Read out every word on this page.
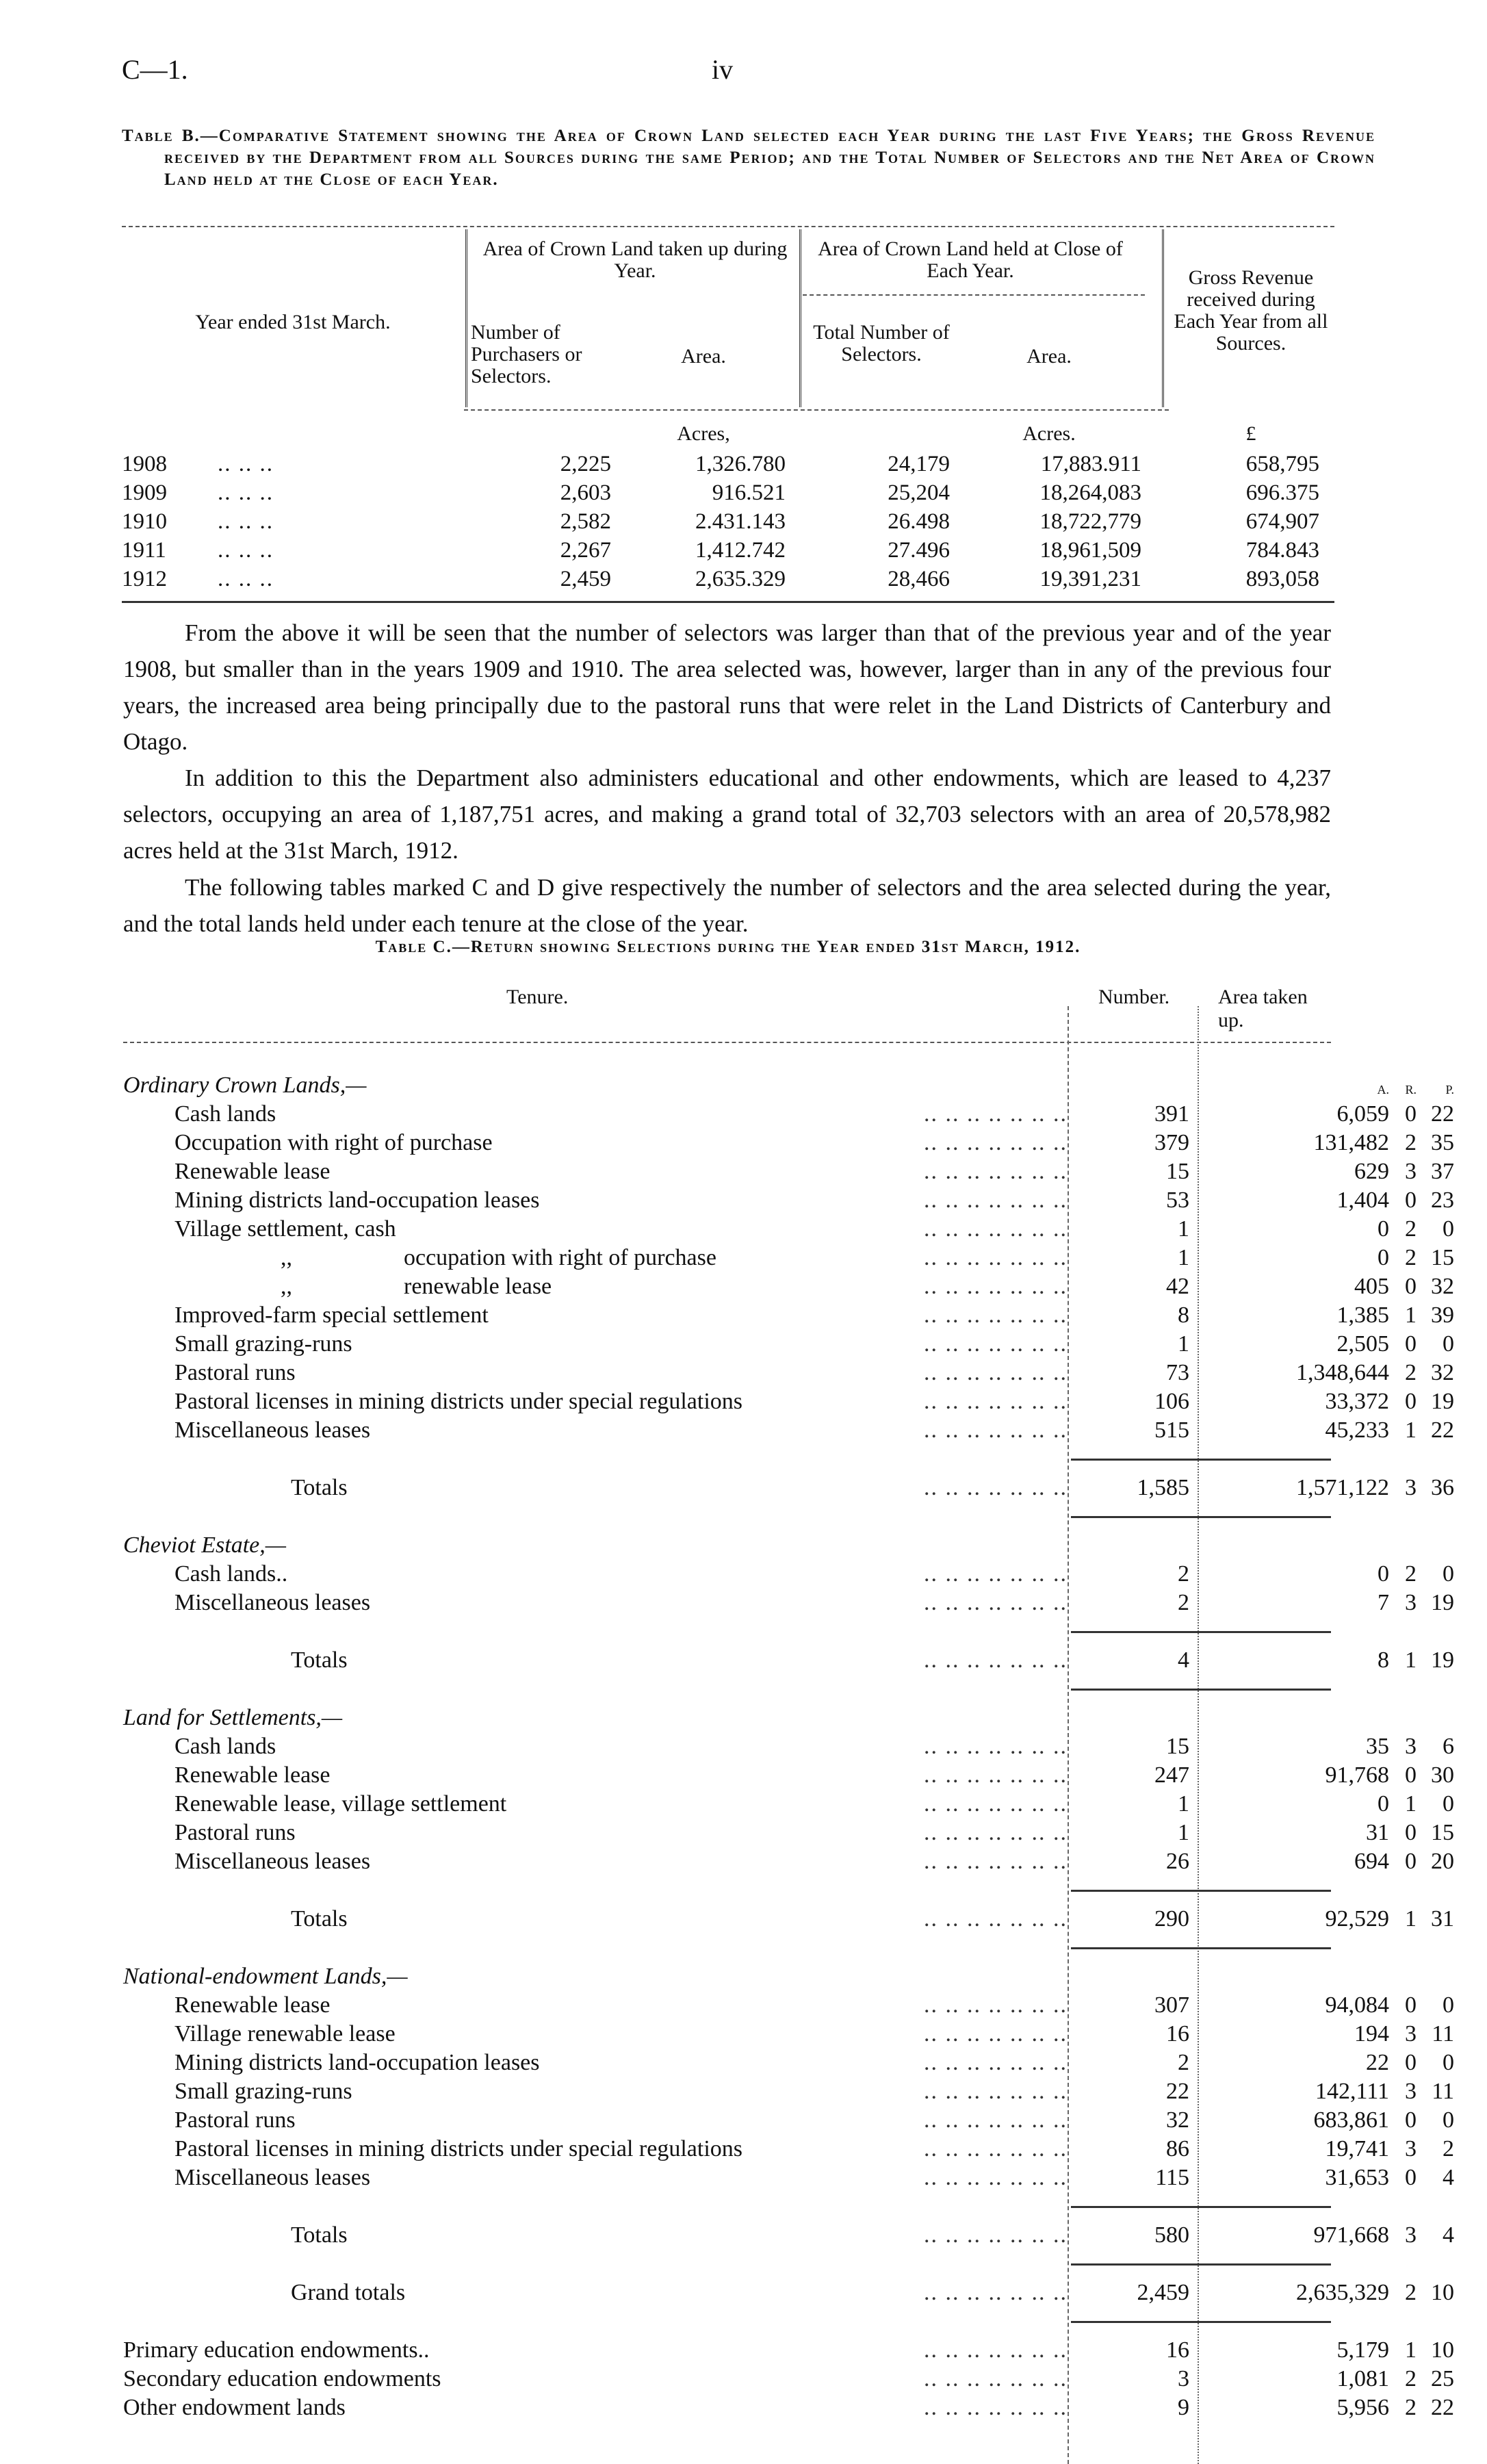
C—1.	iv
Table B.—Comparative Statement showing the Area of Crown Land selected each Year during the last Five Years; the Gross Revenue received by the Department from all Sources during the same Period; and the Total Number of Selectors and the Net Area of Crown Land held at the Close of each Year.
Year ended 31st March.
Area of Crown Land taken up during Year.
Number of Purchasers or Selectors.
Area.
Area of Crown Land held at Close of Each Year.
Total Number of Selectors.	Area.
Gross Revenue received during Each Year from all Sources.
Acres,	Acres.	£
1908 .. .. ..	2,225	1,326.780	24,179	17,883.911	658,795
1909 .. .. ..	2,603	916.521	25,204	18,264,083	696.375
1910 .. .. ..	2,582	2.431.143	26.498	18,722,779	674,907
1911 .. .. ..	2,267	1,412.742	27.496	18,961,509	784.843
1912 .. .. ..	2,459	2,635.329	28,466	19,391,231	893,058
From the above it will be seen that the number of selectors was larger than that of the previous year and of the year 1908, but smaller than in the years 1909 and 1910. The area selected was, however, larger than in any of the previous four years, the increased area being principally due to the pastoral runs that were relet in the Land Districts of Canterbury and Otago.
In addition to this the Department also administers educational and other endowments, which are leased to 4,237 selectors, occupying an area of 1,187,751 acres, and making a grand total of 32,703 selectors with an area of 20,578,982 acres held at the 31st March, 1912.
The following tables marked C and D give respectively the number of selectors and the area selected during the year, and the total lands held under each tenure at the close of the year.
Table C.—Return showing Selections during the Year ended 31st March, 1912.
Tenure.	Number. Area taken up.
Ordinary Crown Lands,—	A.	R.	P.
.. .. .. .. .. .. ..
Cash lands	391	6,059 0 22
.. .. .. .. .. .. ..
Occupation with right of purchase	379	131,482 2 35
.. .. .. .. .. .. ..
Renewable lease	15	629 3 37
.. .. .. .. .. .. ..
Mining districts land-occupation leases	53	1,404 0 23
.. .. .. .. .. .. ..
Village settlement, cash	1	0 2	0
.. .. .. .. .. .. ..
,,	occupation with right of purchase	1	0 2 15
.. .. .. .. .. .. ..
,,	renewable lease	42	405 0 32
.. .. .. .. .. .. ..
Improved-farm special settlement	8	1,385 1 39
.. .. .. .. .. .. ..
Small grazing-runs	1	2,505 0	0
.. .. .. .. .. .. ..
Pastoral runs	73	1,348,644 2 32
.. .. .. .. .. .. ..
Pastoral licenses in mining districts under special regulations	106	33,372 0 19
.. .. .. .. .. .. ..
Miscellaneous leases	515	45,233 1 22
.. .. .. .. .. .. ..
Totals	1,585	1,571,122 3 36
Cheviot Estate,—
.. .. .. .. .. .. ..
Cash lands..	2	0 2	0
.. .. .. .. .. .. ..
Miscellaneous leases	2	7 3 19
.. .. .. .. .. .. ..
Totals	4	8 1 19
Land for Settlements,—
.. .. .. .. .. .. ..
Cash lands	15	35 3	6
.. .. .. .. .. .. ..
Renewable lease	247	91,768 0 30
.. .. .. .. .. .. ..
Renewable lease, village settlement	1	0 1	0
.. .. .. .. .. .. ..
Pastoral runs	1	31 0 15
.. .. .. .. .. .. ..
Miscellaneous leases	26	694 0 20
.. .. .. .. .. .. ..
Totals	290	92,529 1 31
National-endowment Lands,—
.. .. .. .. .. .. ..
Renewable lease	307	94,084 0	0
.. .. .. .. .. .. ..
Village renewable lease	16	194 3 11
.. .. .. .. .. .. ..
Mining districts land-occupation leases	2	22 0	0
.. .. .. .. .. .. ..
Small grazing-runs	22	142,111 3 11
.. .. .. .. .. .. ..
Pastoral runs	32	683,861 0	0
.. .. .. .. .. .. ..
Pastoral licenses in mining districts under special regulations	86	19,741 3	2
.. .. .. .. .. .. ..
Miscellaneous leases	115	31,653 0	4
.. .. .. .. .. .. ..
Totals	580	971,668 3	4
.. .. .. .. .. .. ..
Grand totals	2,459	2,635,329 2 10
.. .. .. .. .. .. ..
Primary education endowments..	16	5,179 1 10
.. .. .. .. .. .. ..
Secondary education endowments	3	1,081 2 25
.. .. .. .. .. .. ..
Other endowment lands	9	5,956 2 22
